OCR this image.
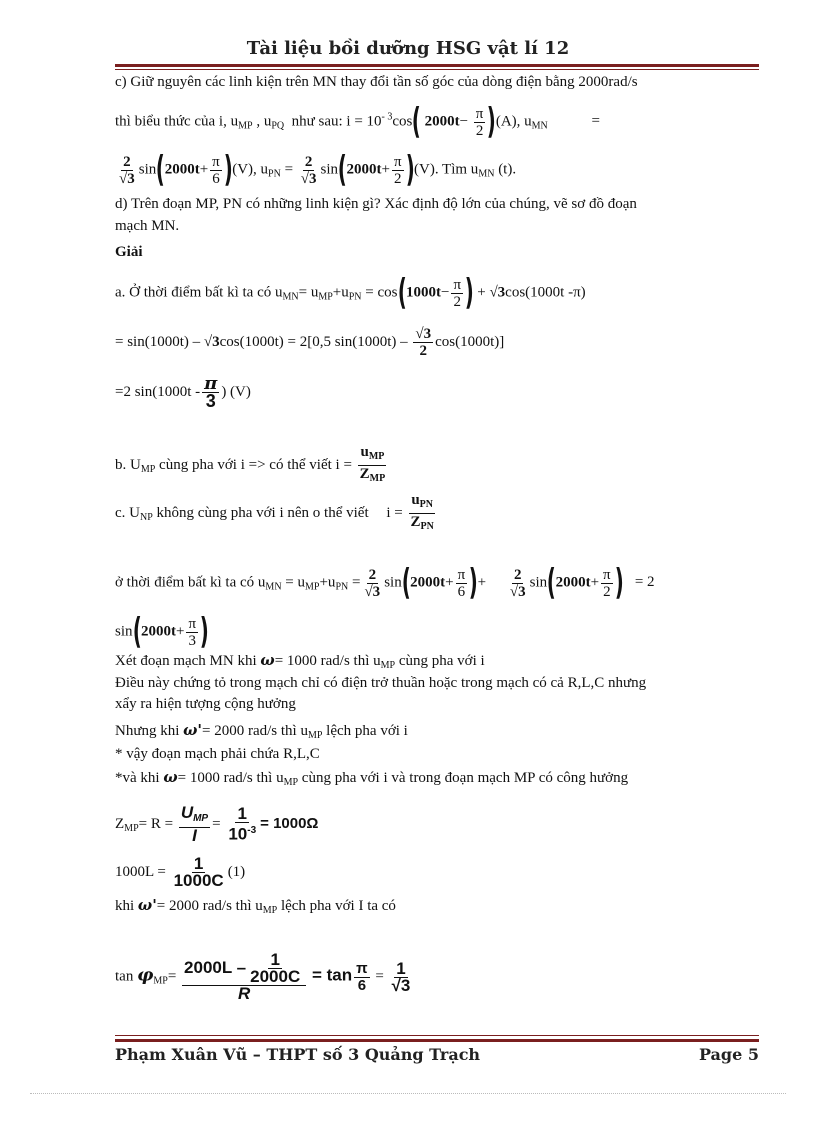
Tài liệu bồi dưỡng HSG vật lí 12
c) Giữ nguyên các linh kiện trên MN thay đổi tần số góc của dòng điện bằng 2000rad/s
thì biểu thức của i, $u_{MP}$ , $u_{PQ}$ như sau: $i = 10^{- 3}\cos$( $2000t- \frac{\pi}{2} )(A)$, $u_{MN}$	=
$\frac{2}{√3} \sin(2000t+ \frac{\pi}{6} )(V)$, $u_{PN} = \frac{2}{√3} \sin(2000t+ \frac{\pi}{2} )(V)$. Tìm $u_{MN}$ (t).
d) Trên đoạn MP, PN có những linh kiện gì? Xác định độ lớn của chúng, vẽ sơ đồ đoạn
mạch MN.
Giải
a. Ở thời điểm bất kì ta có $u_{MN}= u_{MP}+u_{PN} = \cos(1000t- \frac{\pi}{2}$ ) + √3cos(1000t -π)
= sin(1000t) – √3cos(1000t) = 2[0,5 $\sin(1000t) - \frac{√3}{2} \cos(1000t)$]
=2 $\sin(1000t - \frac{\pi}{3}$ ) (V)
b. $U_{MP}$ cùng pha với i => có thể viết $i = \frac{u_{MP}}{Z_{MP}}$
c. $U_{NP}$ không cùng pha với i nên o thể viết $i = \frac{u_{PN}}{Z_{PN}}$
ở thời điểm bất kì ta có $u_{MN} = u_{MP}+u_{PN} = \frac{2}{√3} \sin(2000t+ \frac{\pi}{6}$ )+ $\frac{2}{√3} \sin(2000t+ \frac{\pi}{2}$ ) = 2
$\sin(2000t+ \frac{\pi}{3}$ )
Xét đoạn mạch MN khi ω= 1000 rad/s thì $u_{MP}$ cùng pha với i
Điều này chứng tỏ trong mạch chỉ có điện trở thuần hoặc trong mạch có cả R,L,C nhưng
xẩy ra hiện tượng cộng hưởng
Nhưng khi ω'= 2000 rad/s thì $u_{MP}$ lệch pha với i
* vậy đoạn mạch phải chứa R,L,C
*và khi ω= 1000 rad/s thì $u_{MP}$ cùng pha với i và trong đoạn mạch MP có công hưởng
$Z_{MP}= R = \frac{U_{MP}}{I} = \frac{1}{10^{-3}} = 1000\Omega$
$1000L = \frac{1}{1000C} (1)$
khi ω'= 2000 rad/s thì $u_{MP}$ lệch pha với I ta có
$\tan \varphi_{MP}= \frac{2000L - \frac{1}{2000C}}{R} = \tan \frac{\pi}{6} = \frac{1}{√3}$
Phạm Xuân Vũ – THPT số 3 Quảng Trạch	Page 5
